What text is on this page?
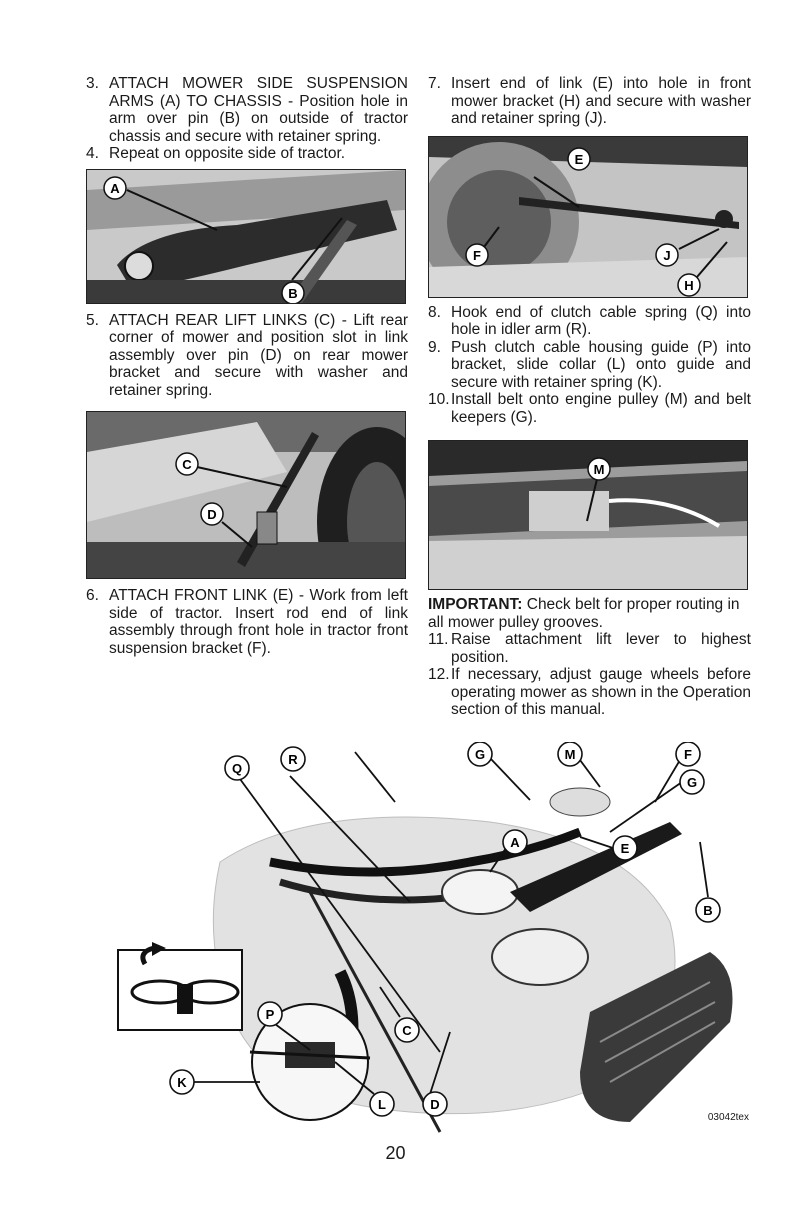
3. ATTACH MOWER SIDE SUSPENSION ARMS (A) TO CHASSIS - Position hole in arm over pin (B) on outside of tractor chassis and secure with retainer spring.

4. Repeat on opposite side of tractor.

A
B

5. ATTACH REAR LIFT LINKS (C) - Lift rear corner of mower and position slot in link assembly over pin (D) on rear mower bracket and secure with washer and retainer spring.

C
D

6. ATTACH FRONT LINK (E) - Work from left side of tractor. Insert rod end of link assembly through front hole in tractor front suspension bracket (F).

7. Insert end of link (E) into hole in front mower bracket (H) and secure with washer and retainer spring (J).

E
F	J
H

8. Hook end of clutch cable spring (Q) into hole in idler arm (R).

9. Push clutch cable housing guide (P) into bracket, slide collar (L) onto guide and secure with retainer spring (K).

10. Install belt onto engine pulley (M) and belt keepers (G).

M

IMPORTANT: Check belt for proper routing in all mower pulley grooves.

11. Raise attachment lift lever to highest position.

12. If necessary, adjust gauge wheels before operating mower as shown in the Operation section of this manual.

G	M	F
G
Q
R
A	E
B
P
C
K
L	D
03042tex
20
